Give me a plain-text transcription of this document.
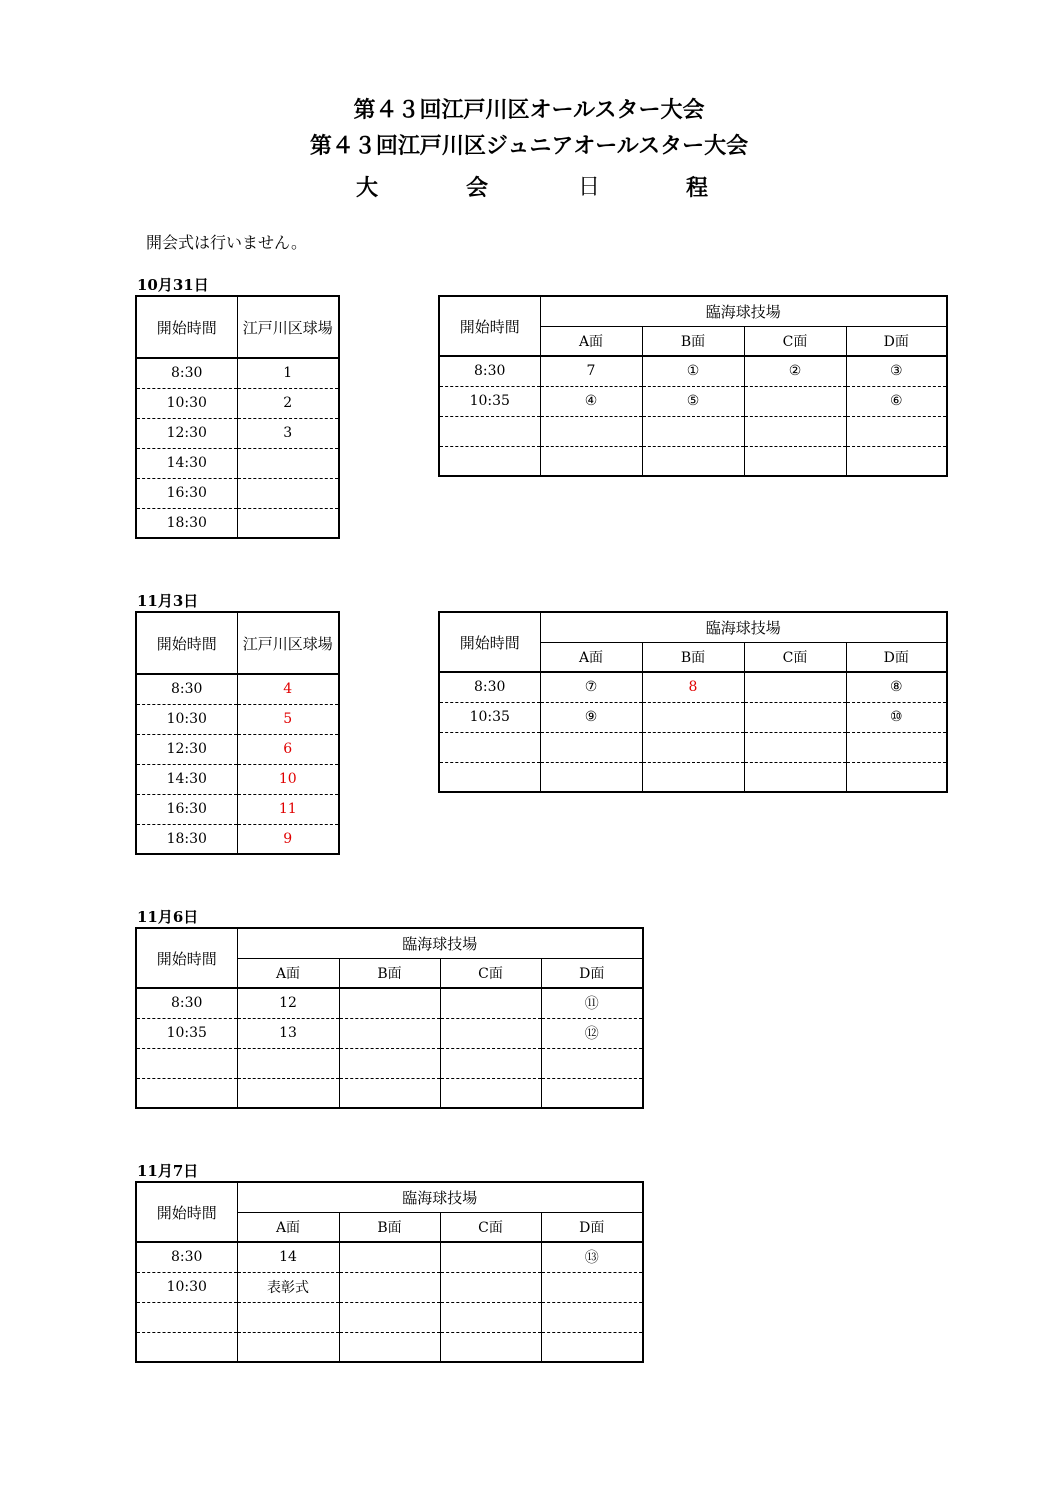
第４３回江戸川区オールスター大会
第４３回江戸川区ジュニアオールスター大会
大	会	日	程
開会式は行いません。
10月31日
開始時間	江戸川区球場
8:30	1
10:30	2
12:30	3
14:30	
16:30	
18:30	
開始時間	臨海球技場			
	A面	B面	C面	D面
8:30	7	①	②	③
10:35	④	⑤		⑥

11月3日
開始時間	江戸川区球場
8:30	4
10:30	5
12:30	6
14:30	10
16:30	11
18:30	9
開始時間	臨海球技場			
	A面	B面	C面	D面
8:30	⑦	8		⑧
10:35	⑨			⑩

11月6日
開始時間	臨海球技場			
	A面	B面	C面	D面
8:30	12			⑪
10:35	13			⑫

11月7日
開始時間	臨海球技場			
	A面	B面	C面	D面
8:30	14			⑬
10:30	表彰式			
